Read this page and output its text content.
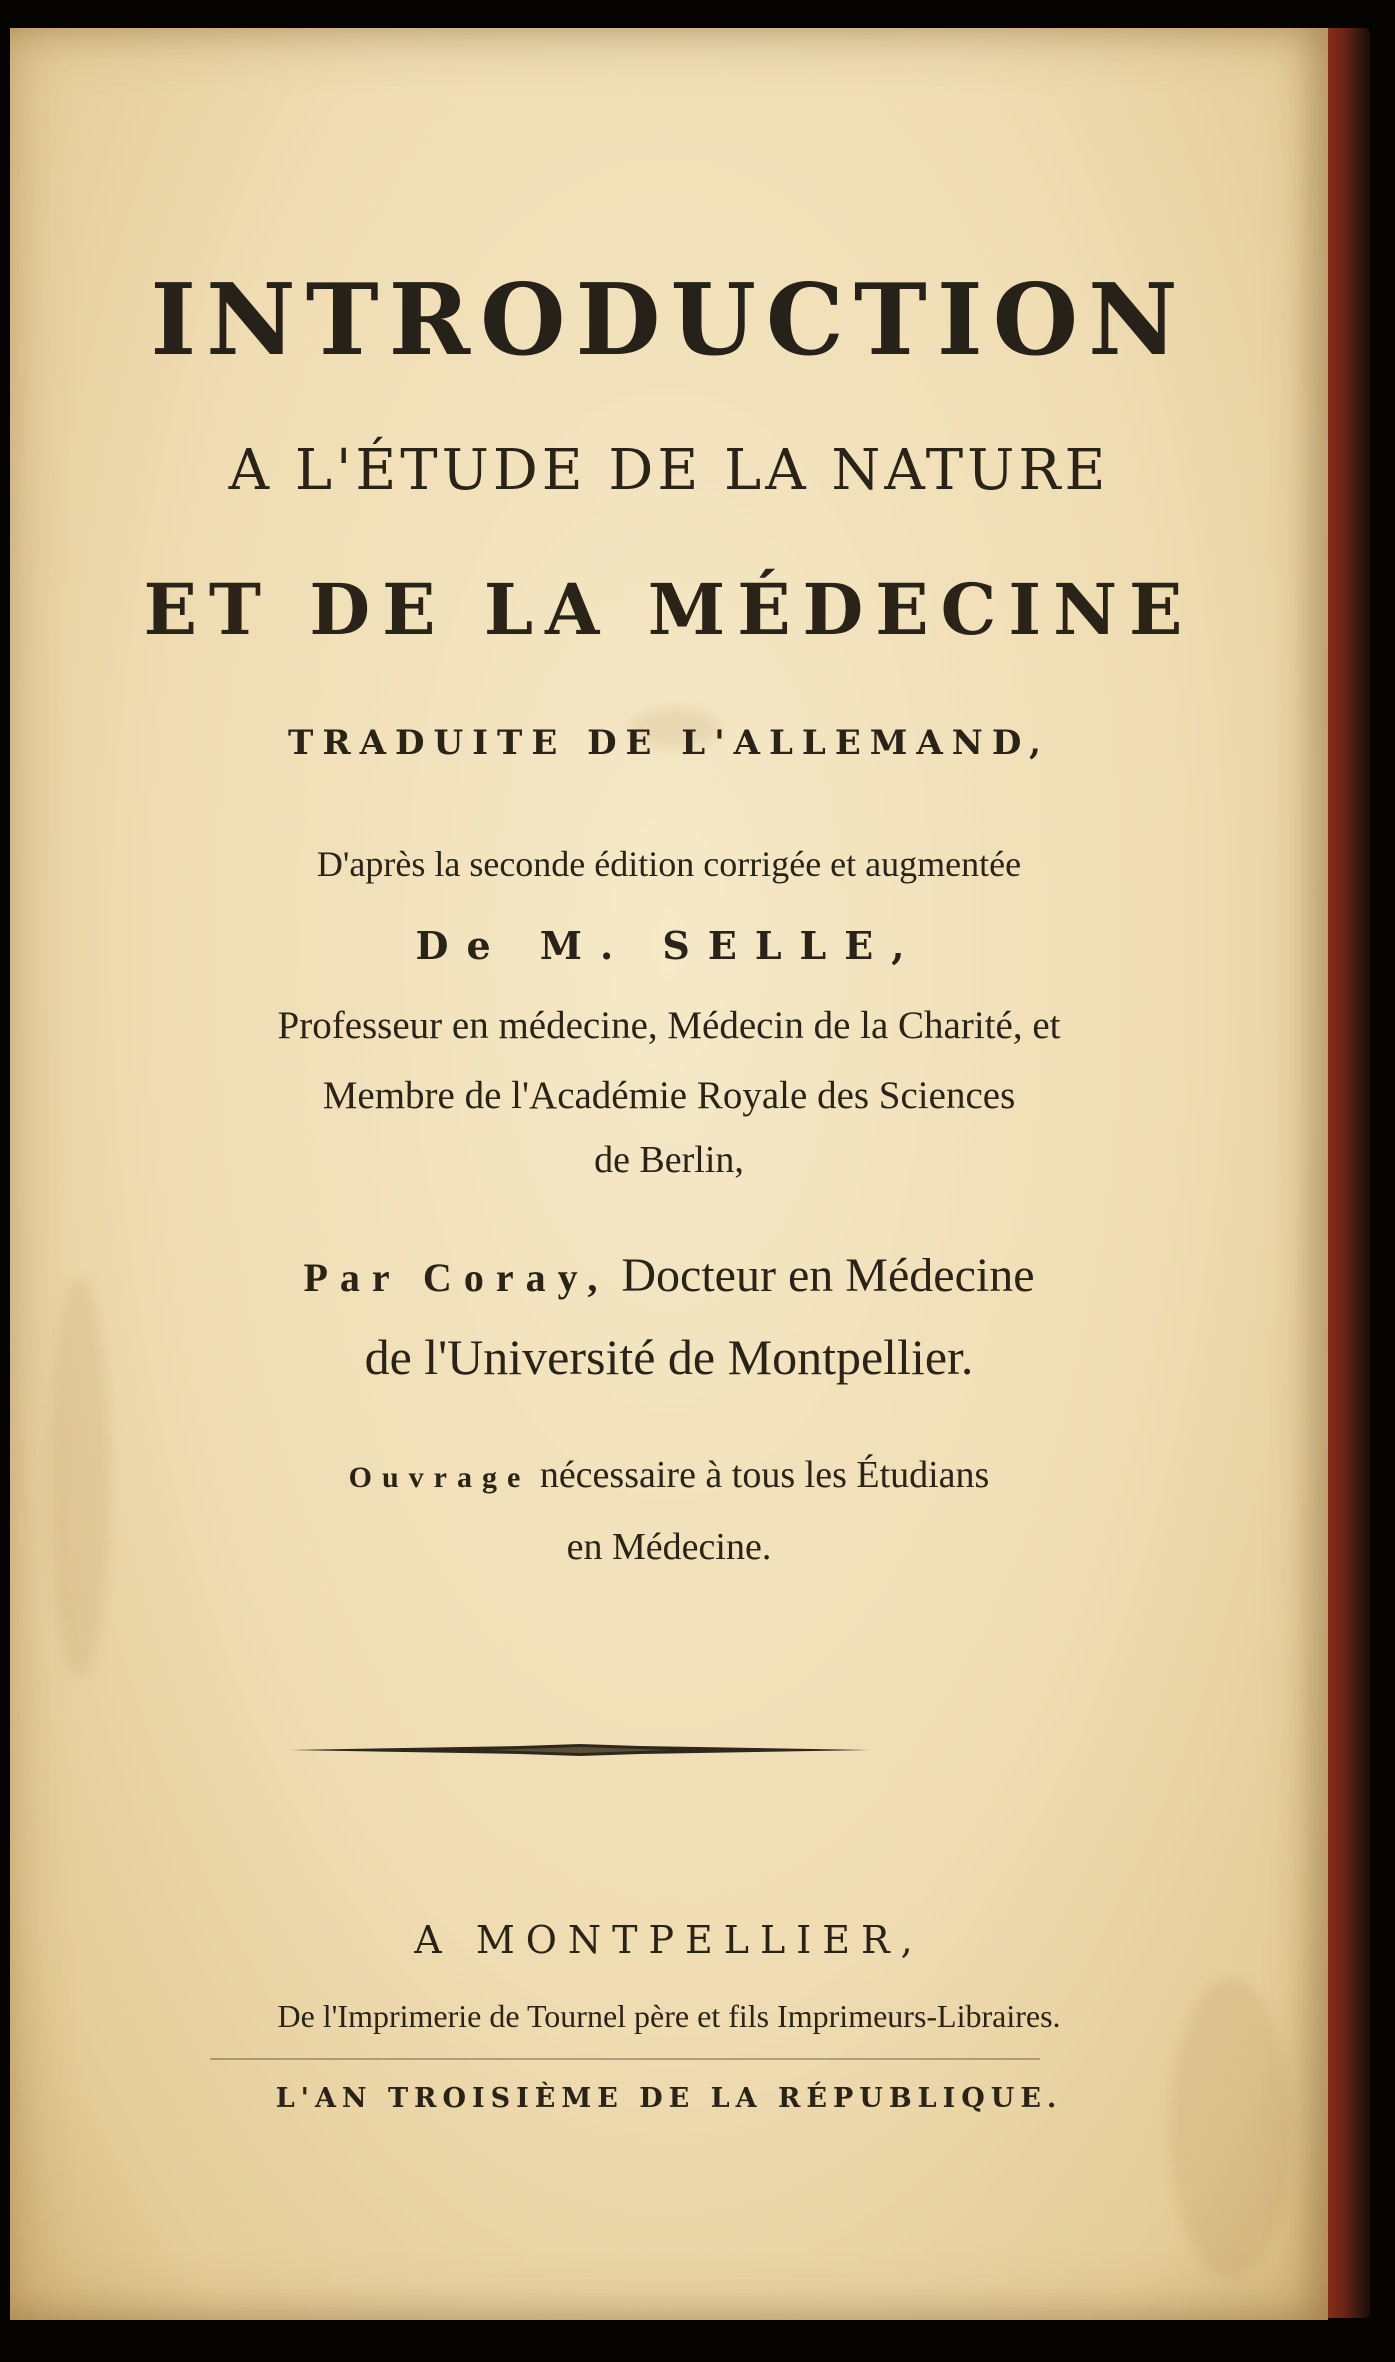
INTRODUCTION
A L'ÉTUDE DE LA NATURE
ET DE LA MÉDECINE
TRADUITE DE L'ALLEMAND,
D'après la seconde édition corrigée et augmentée
De M. SELLE,
Professeur en médecine, Médecin de la Charité, et
Membre de l'Académie Royale des Sciences
de Berlin,
Par Coray, Docteur en Médecine
de l'Université de Montpellier.
Ouvrage nécessaire à tous les Étudians
en Médecine.
A MONTPELLIER,
De l'Imprimerie de Tournel père et fils Imprimeurs-Libraires.
L'AN TROISIÈME DE LA RÉPUBLIQUE.
